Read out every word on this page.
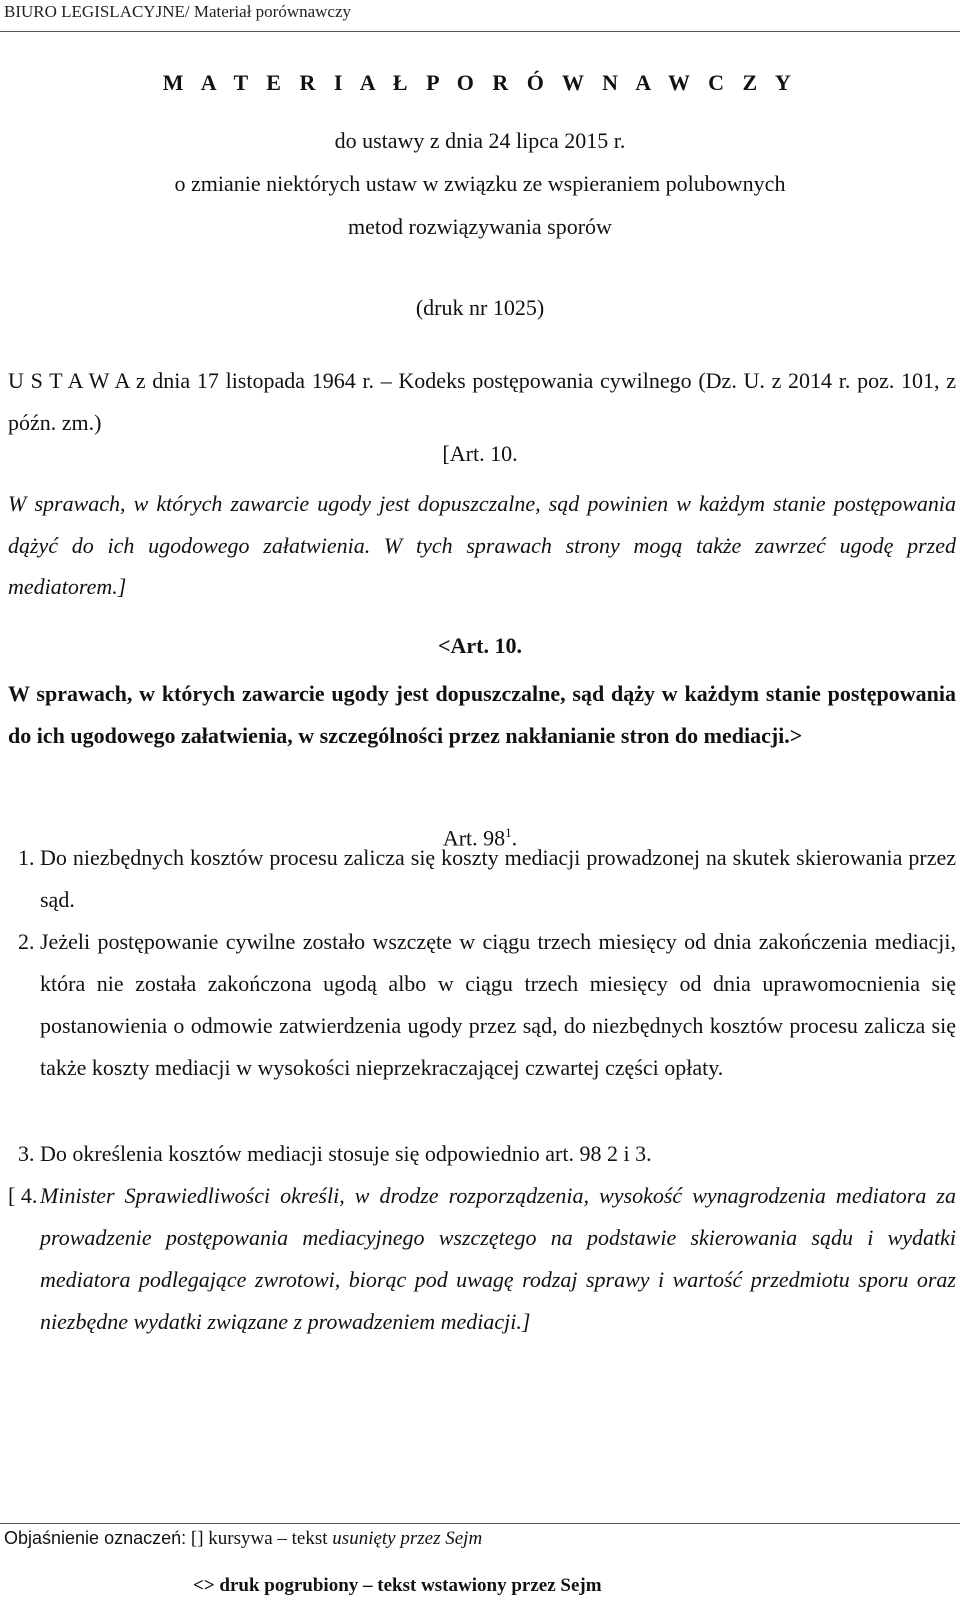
BIURO LEGISLACYJNE/ Materiał porównawczy
M A T E R I A Ł P O R Ó W N A W C Z Y
do ustawy z dnia 24 lipca 2015 r.
o zmianie niektórych ustaw w związku ze wspieraniem polubownych
metod rozwiązywania sporów
(druk nr 1025)
U S T A W A z dnia 17 listopada 1964 r. – Kodeks postępowania cywilnego (Dz. U. z 2014 r. poz. 101, z późn. zm.)
[Art. 10.
W sprawach, w których zawarcie ugody jest dopuszczalne, sąd powinien w każdym stanie postępowania dążyć do ich ugodowego załatwienia. W tych sprawach strony mogą także zawrzeć ugodę przed mediatorem.]
<Art. 10.
W sprawach, w których zawarcie ugody jest dopuszczalne, sąd dąży w każdym stanie postępowania do ich ugodowego załatwienia, w szczególności przez nakłanianie stron do mediacji.>
Art. $98^1$.
1. Do niezbędnych kosztów procesu zalicza się koszty mediacji prowadzonej na skutek skierowania przez sąd.
2. Jeżeli postępowanie cywilne zostało wszczęte w ciągu trzech miesięcy od dnia zakończenia mediacji, która nie została zakończona ugodą albo w ciągu trzech miesięcy od dnia uprawomocnienia się postanowienia o odmowie zatwierdzenia ugody przez sąd, do niezbędnych kosztów procesu zalicza się także koszty mediacji w wysokości nieprzekraczającej czwartej części opłaty.
3. Do określenia kosztów mediacji stosuje się odpowiednio art. 98 2 i 3.
[ 4. Minister Sprawiedliwości określi, w drodze rozporządzenia, wysokość wynagrodzenia mediatora za prowadzenie postępowania mediacyjnego wszczętego na podstawie skierowania sądu i wydatki mediatora podlegające zwrotowi, biorąc pod uwagę rodzaj sprawy i wartość przedmiotu sporu oraz niezbędne wydatki związane z prowadzeniem mediacji.]
Objaśnienie oznaczeń: [] kursywa – tekst usunięty przez Sejm
<> druk pogrubiony – tekst wstawiony przez Sejm
